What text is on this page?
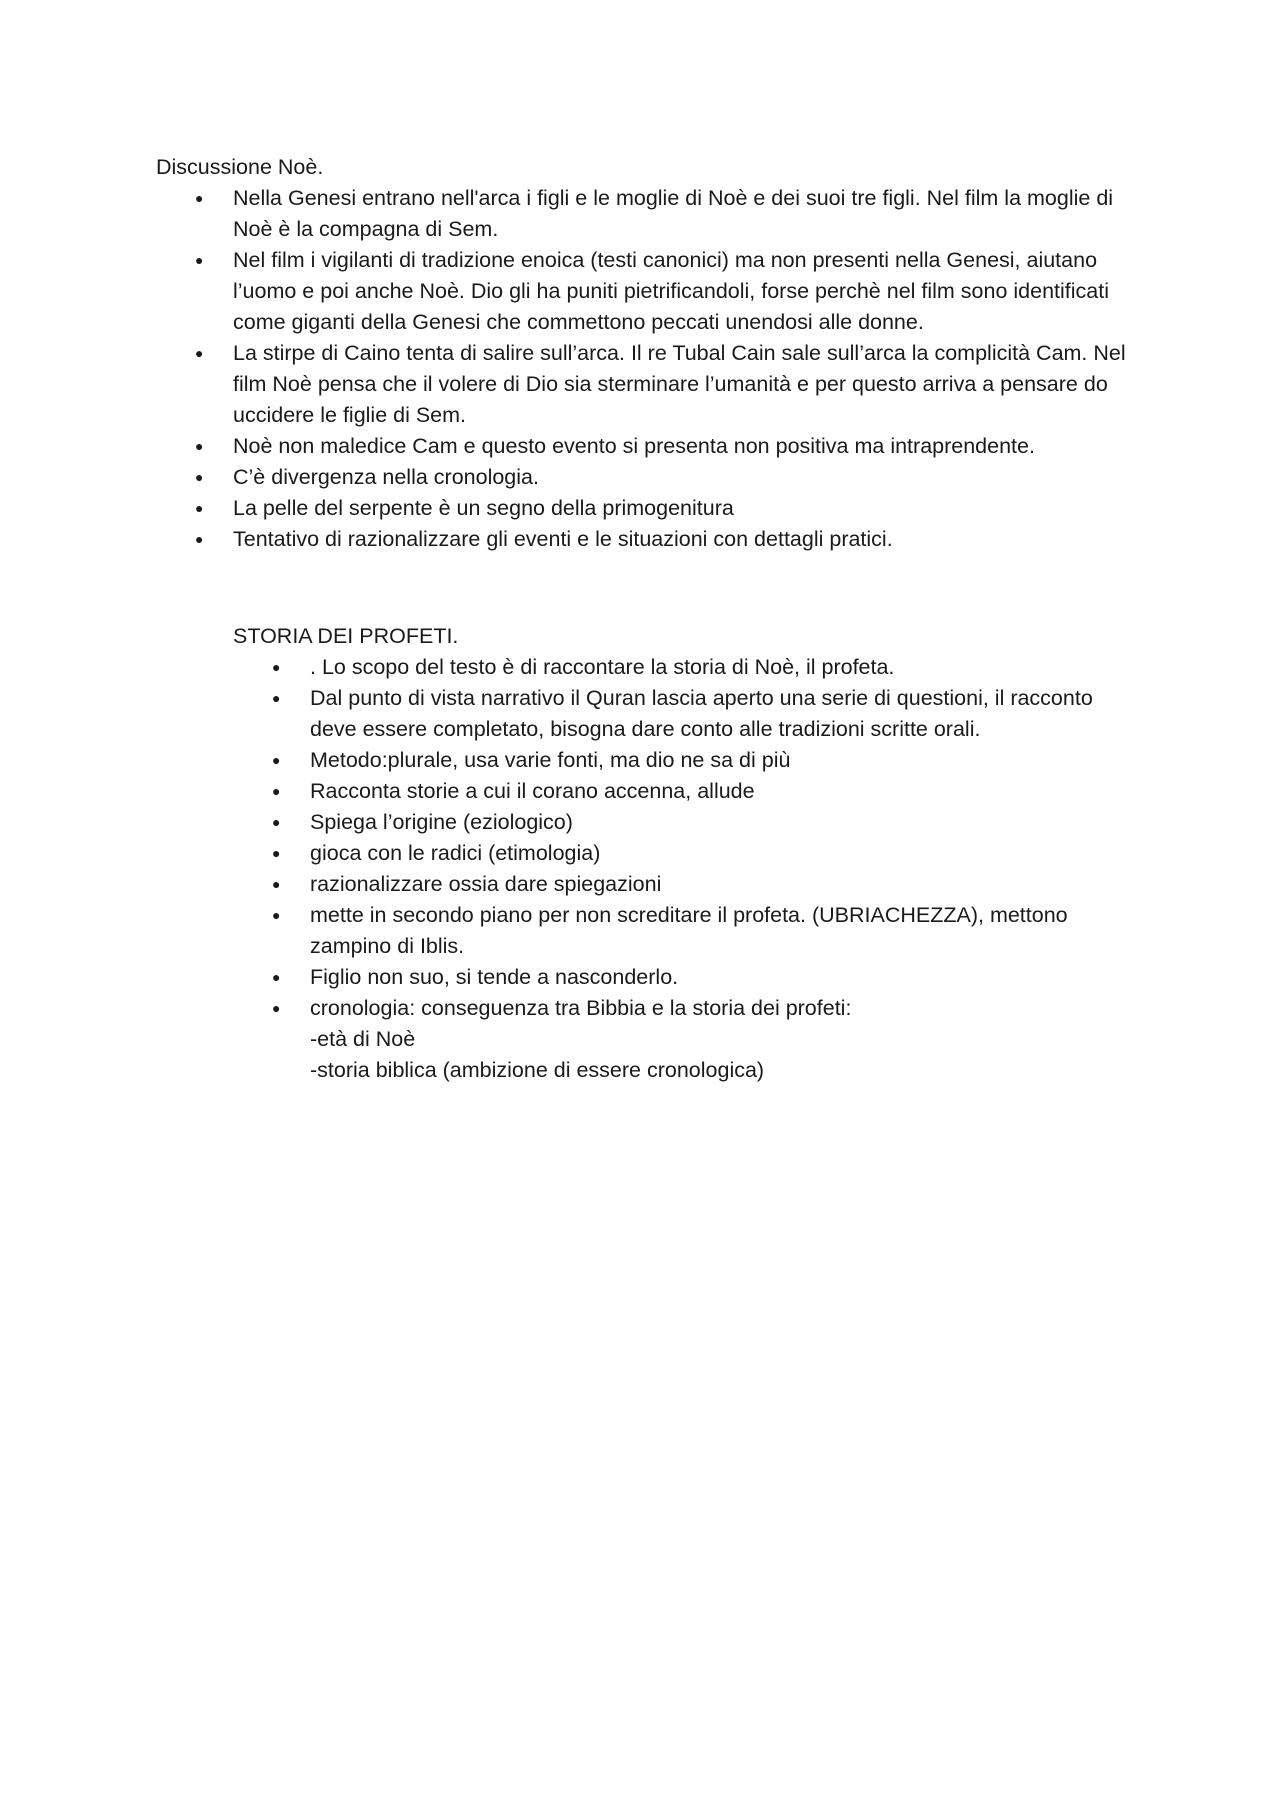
Discussione Noè.

● Nella Genesi entrano nell'arca i figli e le moglie di Noè e dei suoi tre figli. Nel film la moglie di Noè è la compagna di Sem.
● Nel film i vigilanti di tradizione enoica (testi canonici) ma non presenti nella Genesi, aiutano l’uomo e poi anche Noè. Dio gli ha puniti pietrificandoli, forse perchè nel film sono identificati come giganti della Genesi che commettono peccati unendosi alle donne.
● La stirpe di Caino tenta di salire sull’arca. Il re Tubal Cain sale sull’arca la complicità Cam. Nel film Noè pensa che il volere di Dio sia sterminare l’umanità e per questo arriva a pensare do uccidere le figlie di Sem.
● Noè non maledice Cam e questo evento si presenta non positiva ma intraprendente.
● C’è divergenza nella cronologia.
● La pelle del serpente è un segno della primogenitura
● Tentativo di razionalizzare gli eventi e le situazioni con dettagli pratici.

STORIA DEI PROFETI.

● . Lo scopo del testo è di raccontare la storia di Noè, il profeta.
● Dal punto di vista narrativo il Quran lascia aperto una serie di questioni, il racconto deve essere completato, bisogna dare conto alle tradizioni scritte orali.
● Metodo:plurale, usa varie fonti, ma dio ne sa di più
● Racconta storie a cui il corano accenna, allude
● Spiega l’origine (eziologico)
● gioca con le radici (etimologia)
● razionalizzare ossia dare spiegazioni
● mette in secondo piano per non screditare il profeta. (UBRIACHEZZA), mettono zampino di Iblis.
● Figlio non suo, si tende a nasconderlo.
● cronologia: conseguenza tra Bibbia e la storia dei profeti:
-età di Noè
-storia biblica (ambizione di essere cronologica)
